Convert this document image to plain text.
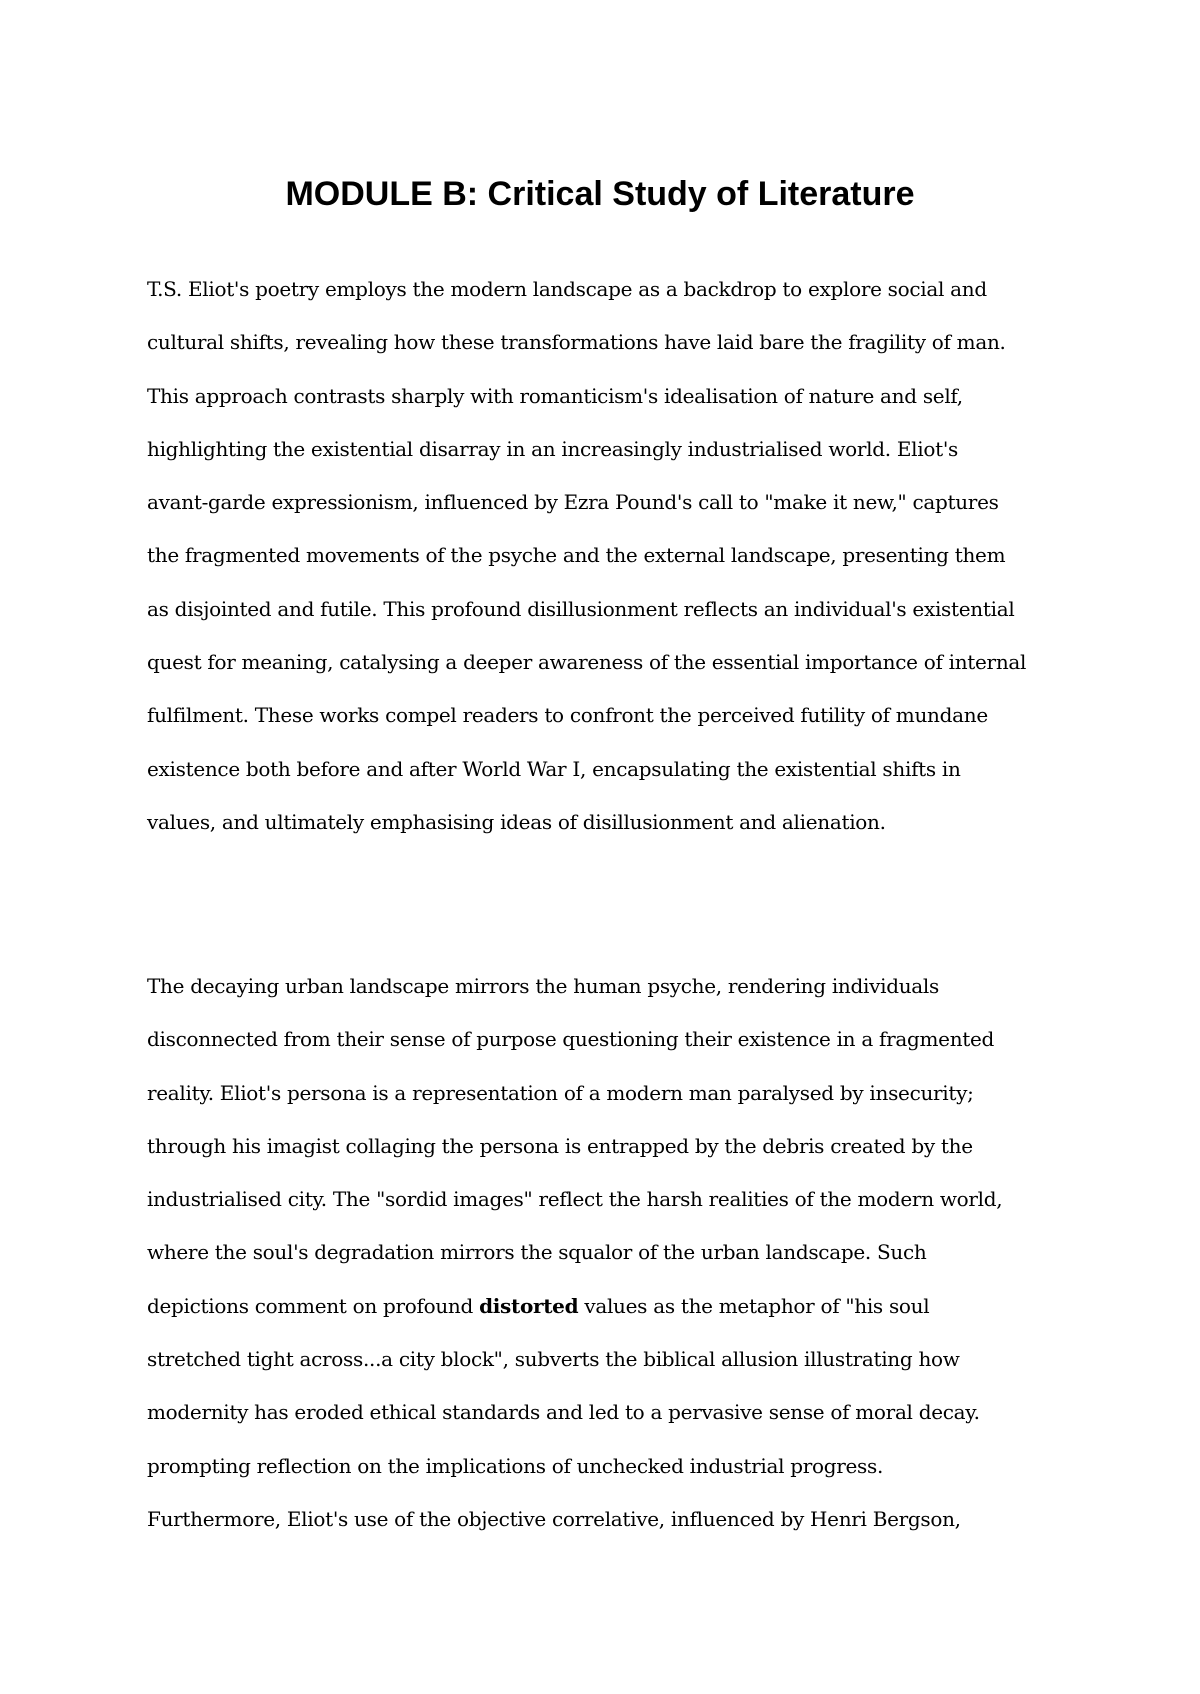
MODULE B: Critical Study of Literature

T.S. Eliot's poetry employs the modern landscape as a backdrop to explore social and
cultural shifts, revealing how these transformations have laid bare the fragility of man.
This approach contrasts sharply with romanticism's idealisation of nature and self,
highlighting the existential disarray in an increasingly industrialised world. Eliot's
avant-garde expressionism, influenced by Ezra Pound's call to "make it new," captures
the fragmented movements of the psyche and the external landscape, presenting them
as disjointed and futile. This profound disillusionment reflects an individual's existential
quest for meaning, catalysing a deeper awareness of the essential importance of internal
fulfilment. These works compel readers to confront the perceived futility of mundane
existence both before and after World War I, encapsulating the existential shifts in
values, and ultimately emphasising ideas of disillusionment and alienation.

The decaying urban landscape mirrors the human psyche, rendering individuals
disconnected from their sense of purpose questioning their existence in a fragmented
reality. Eliot's persona is a representation of a modern man paralysed by insecurity;
through his imagist collaging the persona is entrapped by the debris created by the
industrialised city. The "sordid images" reflect the harsh realities of the modern world,
where the soul's degradation mirrors the squalor of the urban landscape. Such
depictions comment on profound distorted values as the metaphor of "his soul
stretched tight across...a city block", subverts the biblical allusion illustrating how
modernity has eroded ethical standards and led to a pervasive sense of moral decay.
prompting reflection on the implications of unchecked industrial progress.
Furthermore, Eliot's use of the objective correlative, influenced by Henri Bergson,
